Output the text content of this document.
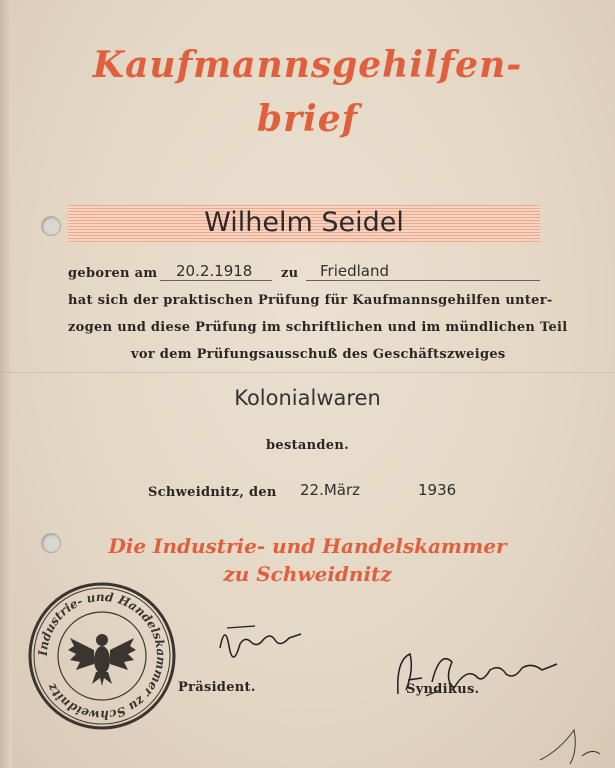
Kaufmannsgehilfen-
brief
Wilhelm Seidel
geboren am 20.2.1918 zu Friedland
hat sich der praktischen Prüfung für Kaufmannsgehilfen unter-
zogen und diese Prüfung im schriftlichen und im mündlichen Teil
vor dem Prüfungsausschuß des Geschäftszweiges
Kolonialwaren
bestanden.
Schweidnitz, den 22.März	1936
Die Industrie- und Handelskammer
zu Schweidnitz
Industrie- und Handelskammer zu Schweidnitz	Präsident.	Syndikus.
